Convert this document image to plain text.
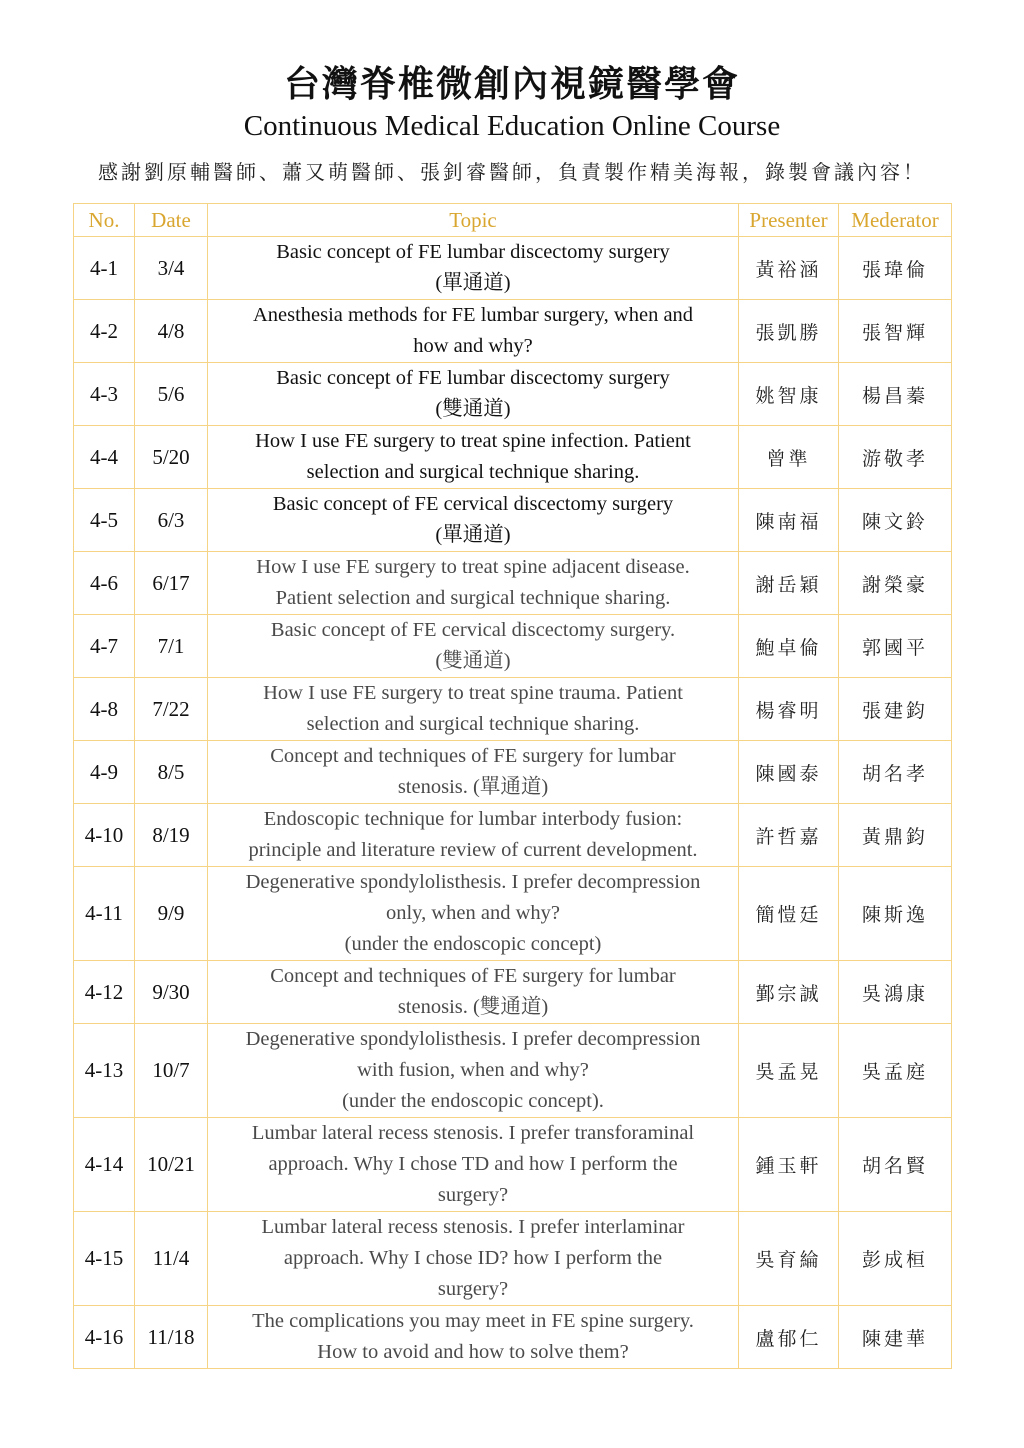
台灣脊椎微創內視鏡醫學會
Continuous Medical Education Online Course
感謝劉原輔醫師、蕭又萌醫師、張釗睿醫師，負責製作精美海報，錄製會議內容！
No.	Date	Topic	Presenter	Mederator
4-1	3/4	Basic concept of FE lumbar discectomy surgery
(單通道)	黃裕涵	張瑋倫
4-2	4/8	Anesthesia methods for FE lumbar surgery, when and
how and why?	張凱勝	張智輝
4-3	5/6	Basic concept of FE lumbar discectomy surgery
(雙通道)	姚智康	楊昌蓁
4-4	5/20	How I use FE surgery to treat spine infection. Patient
selection and surgical technique sharing.	曾準	游敬孝
4-5	6/3	Basic concept of FE cervical discectomy surgery
(單通道)	陳南福	陳文鈴
4-6	6/17	How I use FE surgery to treat spine adjacent disease.
Patient selection and surgical technique sharing.	謝岳穎	謝榮豪
4-7	7/1	Basic concept of FE cervical discectomy surgery.
(雙通道)	鮑卓倫	郭國平
4-8	7/22	How I use FE surgery to treat spine trauma. Patient
selection and surgical technique sharing.	楊睿明	張建鈞
4-9	8/5	Concept and techniques of FE surgery for lumbar
stenosis. (單通道)	陳國泰	胡名孝
4-10	8/19	Endoscopic technique for lumbar interbody fusion:
principle and literature review of current development.	許哲嘉	黃鼎鈞
4-11	9/9	Degenerative spondylolisthesis. I prefer decompression
only, when and why?
(under the endoscopic concept)	簡愷廷	陳斯逸
4-12	9/30	Concept and techniques of FE surgery for lumbar
stenosis. (雙通道)	鄞宗誠	吳鴻康
4-13	10/7	Degenerative spondylolisthesis. I prefer decompression
with fusion, when and why?
(under the endoscopic concept).	吳孟晃	吳孟庭
4-14	10/21	Lumbar lateral recess stenosis. I prefer transforaminal
approach. Why I chose TD and how I perform the
surgery?	鍾玉軒	胡名賢
4-15	11/4	Lumbar lateral recess stenosis. I prefer interlaminar
approach. Why I chose ID? how I perform the
surgery?	吳育綸	彭成桓
4-16	11/18	The complications you may meet in FE spine surgery.
How to avoid and how to solve them?	盧郁仁	陳建華
